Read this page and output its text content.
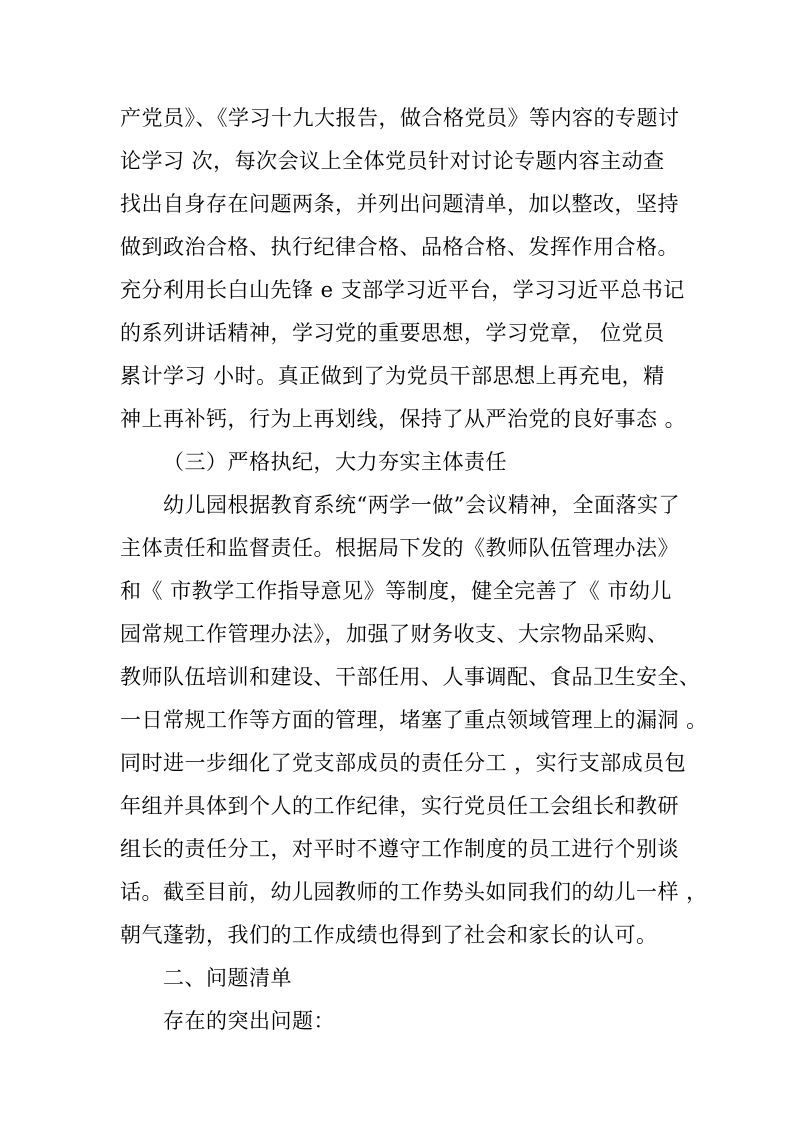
产党员》、《学习十九大报告，做合格党员》等内容的专题讨
论学习 次，每次会议上全体党员针对讨论专题内容主动查
找出自身存在问题两条，并列出问题清单，加以整改，坚持
做到政治合格、执行纪律合格、品格合格、发挥作用合格。
充分利用长白山先锋 e 支部学习近平台，学习习近平总书记
的系列讲话精神，学习党的重要思想，学习党章， 位党员
累计学习 小时。真正做到了为党员干部思想上再充电，精
神上再补钙，行为上再划线，保持了从严治党的良好事态 。
（三）严格执纪，大力夯实主体责任
幼儿园根据教育系统“两学一做”会议精神，全面落实了
主体责任和监督责任。根据局下发的《教师队伍管理办法》
和《 市教学工作指导意见》等制度，健全完善了《 市幼儿
园常规工作管理办法》，加强了财务收支、大宗物品采购、
教师队伍培训和建设、干部任用、人事调配、食品卫生安全、
一日常规工作等方面的管理，堵塞了重点领域管理上的漏洞 。
同时进一步细化了党支部成员的责任分工 ，实行支部成员包
年组并具体到个人的工作纪律，实行党员任工会组长和教研
组长的责任分工，对平时不遵守工作制度的员工进行个别谈
话。截至目前，幼儿园教师的工作势头如同我们的幼儿一样 ，
朝气蓬勃，我们的工作成绩也得到了社会和家长的认可。
二、问题清单
存在的突出问题：
